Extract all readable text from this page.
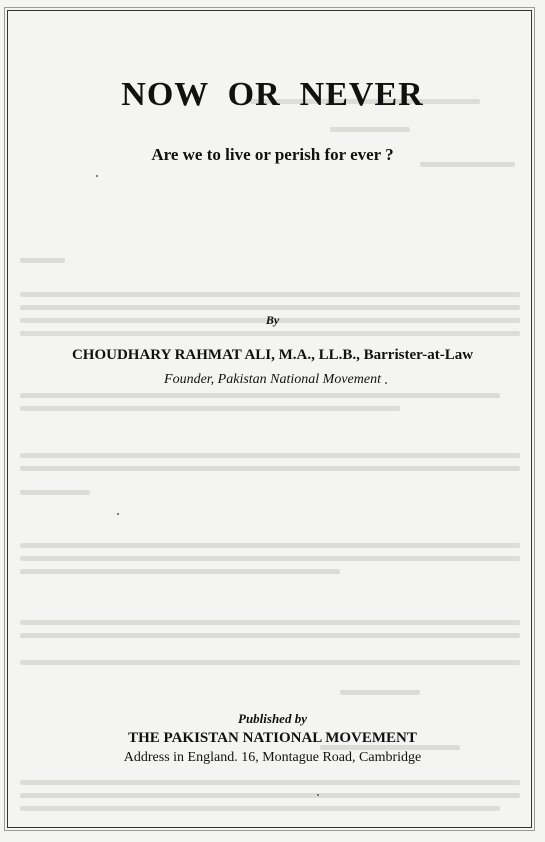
NOW  OR  NEVER
Are we to live or perish for ever ?
By
CHOUDHARY RAHMAT ALI, M.A., LL.B., Barrister-at-Law
Founder, Pakistan National Movement
Published by
THE PAKISTAN NATIONAL MOVEMENT
Address in England. 16, Montague Road, Cambridge
